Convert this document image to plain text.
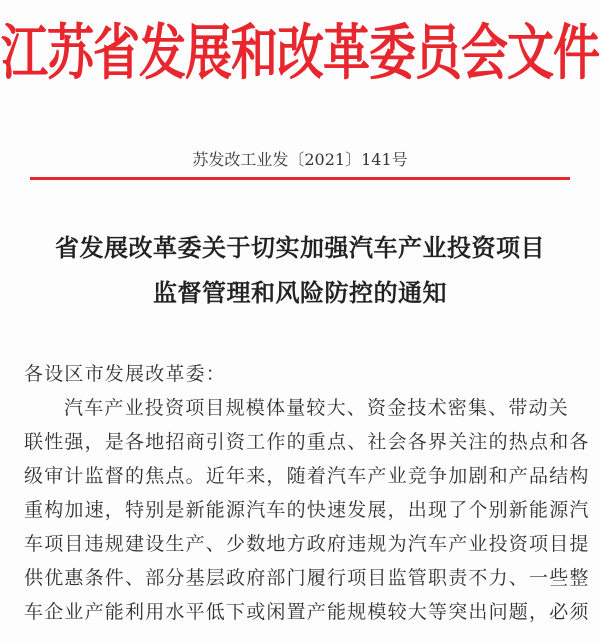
江苏省发展和改革委员会文件
苏发改工业发〔2021〕141号
省发展改革委关于切实加强汽车产业投资项目
监督管理和风险防控的通知
各设区市发展改革委：
汽车产业投资项目规模体量较大、资金技术密集、带动关
联性强，是各地招商引资工作的重点、社会各界关注的热点和各
级审计监督的焦点。近年来，随着汽车产业竞争加剧和产品结构
重构加速，特别是新能源汽车的快速发展，出现了个别新能源汽
车项目违规建设生产、少数地方政府违规为汽车产业投资项目提
供优惠条件、部分基层政府部门履行项目监管职责不力、一些整
车企业产能利用水平低下或闲置产能规模较大等突出问题，必须
